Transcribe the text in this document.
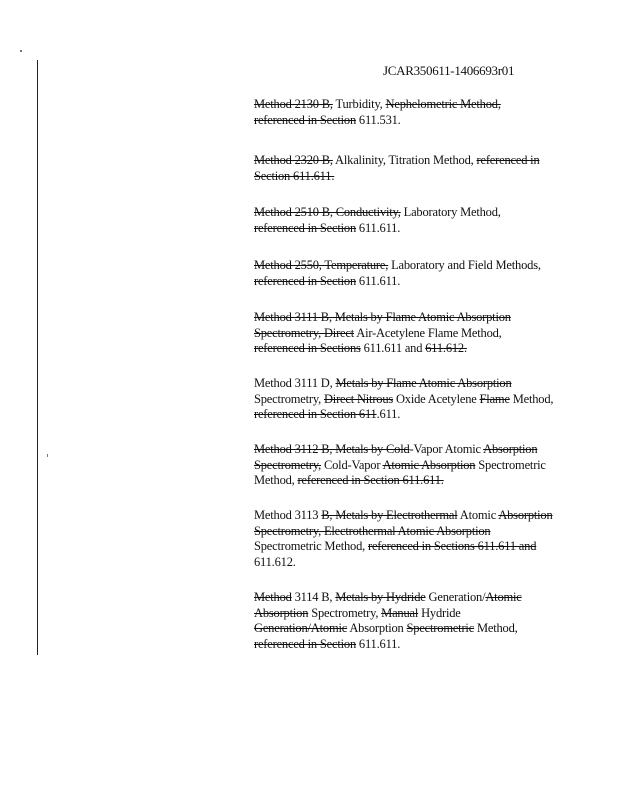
JCAR350611-1406693r01

Method 2130 B, Turbidity, Nephelometric Method, referenced in Section 611.531.

Method 2320 B, Alkalinity, Titration Method, referenced in Section 611.611.

Method 2510 B, Conductivity, Laboratory Method, referenced in Section 611.611.

Method 2550, Temperature, Laboratory and Field Methods, referenced in Section 611.611.

Method 3111 B, Metals by Flame Atomic Absorption Spectrometry, Direct Air-Acetylene Flame Method, referenced in Sections 611.611 and 611.612.

Method 3111 D, Metals by Flame Atomic Absorption Spectrometry, Direct Nitrous Oxide Acetylene Flame Method, referenced in Section 611.611.

Method 3112 B, Metals by Cold-Vapor Atomic Absorption Spectrometry, Cold-Vapor Atomic Absorption Spectrometric Method, referenced in Section 611.611.

Method 3113 B, Metals by Electrothermal Atomic Absorption Spectrometry, Electrothermal Atomic Absorption Spectrometric Method, referenced in Sections 611.611 and 611.612.

Method 3114 B, Metals by Hydride Generation/Atomic Absorption Spectrometry, Manual Hydride Generation/Atomic Absorption Spectrometric Method, referenced in Section 611.611.
